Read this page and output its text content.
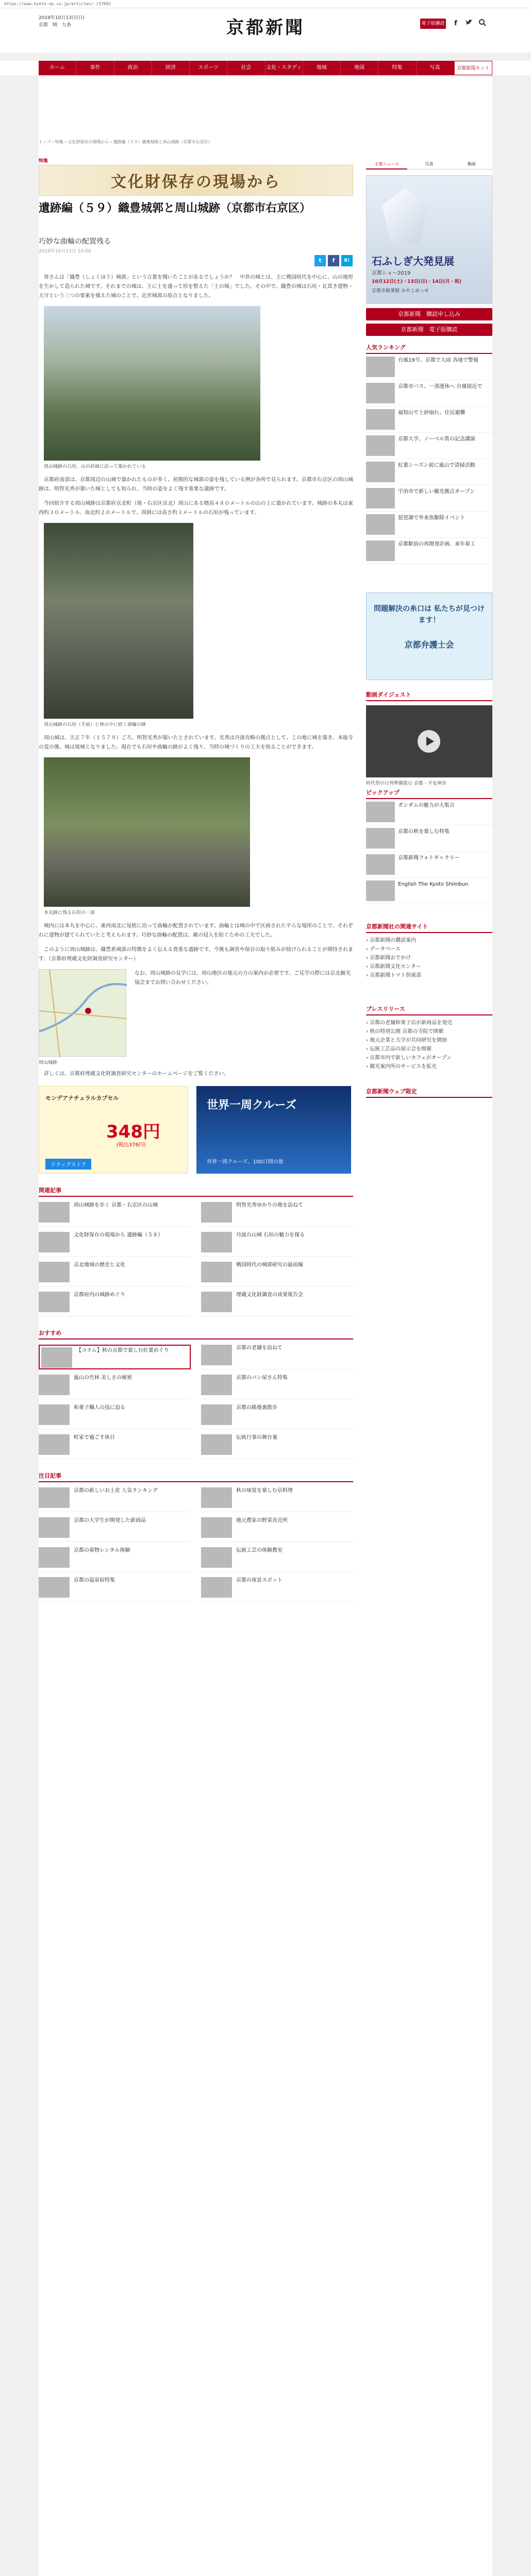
https://www.kyoto-np.co.jp/articles/-/37092
2019年10月13日(日)
京都　晴　九条	京都新聞	電子版購読	f
ホーム	事件	政治	経済	スポーツ	社会	文化・スタディ	地域	地図	特集	写真	京都新聞ネット
トップ › 特集 › 文化財保存の現場から › 遺跡編（５９）織豊城郭と周山城跡（京都市右京区）
文化財保存の現場から
特集
遺跡編（５９）織豊城郭と周山城跡（京都市右京区）
巧妙な曲輪の配置残る
2019年10月13日 10:00
t	f	B!

皆さんは「織豊（しょくほう）城郭」という言葉を聞いたことがあるでしょうか？　中世の城とは、主に戦国時代を中心に、山の地形を生かして造られた城です。それまでの城は、主に土を盛って形を整えた「土の城」でした。その中で、織豊の城は石垣・瓦葺き建物・天守という三つの要素を備えた城のことで、近世城郭の原点となりました。

周山城跡の石垣。山の斜面に沿って築かれている

京都府南部は、京都周辺の山城で築かれたものが多く、初期的な城郭の姿を残している例が各所で見られます。京都市右京区の周山城跡は、明智光秀が築いた城としても知られ、当時の姿をよく残す重要な遺跡です。

今回紹介する周山城跡は京都府京北町（現・右京区京北）周山にある標高４８０メートルの山の上に築かれています。城跡の本丸は東西約３０メートル、南北約２０メートルで、周囲には高さ約３メートルの石垣が残っています。

周山城跡の石垣（手前）と林の中に続く曲輪の跡

周山城は、天正７年（１５７９）ごろ、明智光秀が築いたとされています。光秀は丹波攻略の拠点として、この地に城を築き、本能寺の変の後、城は廃城となりました。現在でも石垣や曲輪の跡がよく残り、当時の城づくりの工夫を知ることができます。

本丸跡に残る石垣の一部

城内には本丸を中心に、東西南北に尾根に沿って曲輪が配置されています。曲輪とは城の中で区画された平らな場所のことで、それぞれに建物が建てられていたと考えられます。巧妙な曲輪の配置は、敵の侵入を防ぐための工夫でした。

このように周山城跡は、織豊系城郭の特徴をよく伝える貴重な遺跡です。今後も調査や保存の取り組みが続けられることが期待されます。（京都府埋蔵文化財調査研究センター）

周山城跡
なお、周山城跡の見学には、周山地区の地元の方の案内が必要です。ご見学の際には京北観光協会までお問い合わせください。

詳しくは、京都府埋蔵文化財調査研究センターのホームページをご覧ください。

モンデアナチュラルカプセル
348円
(税込376円)
ドラッグストア
世界一周クルーズ
世界一周クルーズ、100日間の旅
関連記事
周山城跡を歩く 京都・右京区の山城	明智光秀ゆかりの地を訪ねて
文化財保存の現場から 遺跡編（５８）	丹波の山城 石垣の魅力を探る
京北地域の歴史と文化	戦国時代の城郭研究の最前線
京都府内の城跡めぐり	埋蔵文化財調査の成果報告会
おすすめ
【コラム】秋の京都で楽しむ紅葉めぐり	京都の老舗を訪ねて
嵐山の竹林 美しさの秘密	京都のパン屋さん特集
和菓子職人の技に迫る	京都の路地裏散歩
町家で過ごす休日	伝統行事の舞台裏
注目記事
京都の新しいお土産 人気ランキング	秋の味覚を楽しむ京料理
京都の大学生が開発した新商品	地元農家の野菜直売所
京都の着物レンタル体験	伝統工芸の体験教室
京都の温泉宿特集	京都の夜景スポット
主要ニュース	写真	動画
石ふしぎ大発見展
京都ショー2019
10月12日(土)・13日(日)・14日(月・祝)
京都市勧業館 みやこめっせ
京都新聞　購読申し込み
京都新聞　電子版購読
人気ランキング
台風19号、京都で大雨 各地で警報
京都市バス、一部運休へ 台風接近で
福知山で土砂崩れ、住民避難
京都大学、ノーベル賞の記念講演
紅葉シーズン前に嵐山で清掃活動
宇治市で新しい観光拠点オープン
琵琶湖で外来魚駆除イベント
京都駅前の再開発計画、来年着工
問題解決の糸口は 私たちが見つけます！
京都弁護士会
動画ダイジェスト
時代祭の行列準備進む 京都・平安神宮
ピックアップ
ガンダムの魅力が大集合
京都の秋を楽しむ特集
京都新聞フォトギャラリー
English The Kyoto Shimbun
京都新聞社の関連サイト
› 京都新聞の購読案内
› データベース
› 京都新聞おでかけ
› 京都新聞文化センター
› 京都新聞トマト倶楽部
プレスリリース
› 京都の老舗和菓子店が新商品を発売
› 秋の特別公開 京都の寺院で開催
› 地元企業と大学が共同研究を開始
› 伝統工芸品の展示会を開催
› 京都市内で新しいカフェがオープン
› 観光案内所のサービスを拡充
京都新聞ウェブ限定
